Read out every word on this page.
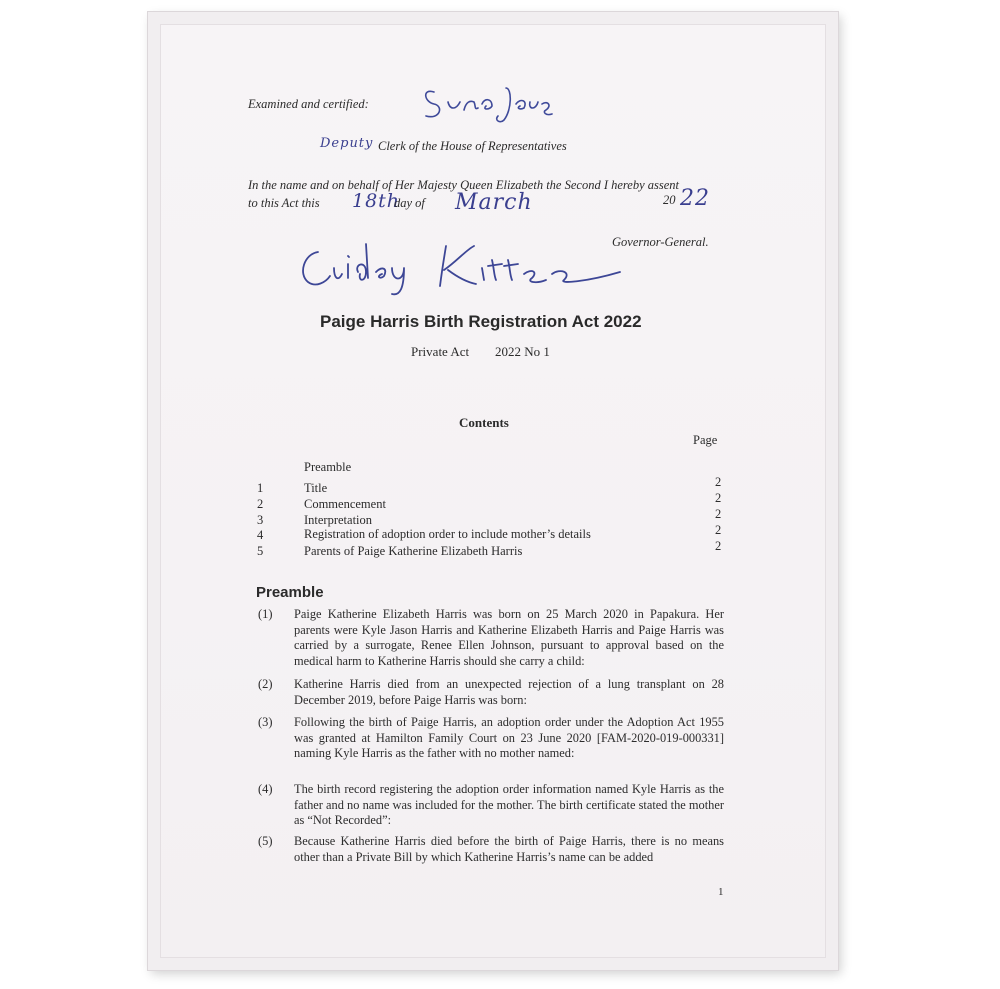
Examined and certified:
Deputy Clerk of the House of Representatives
In the name and on behalf of Her Majesty Queen Elizabeth the Second I hereby assent
to this Act this 18th
day of March	20 22
Governor-General.
Paige Harris Birth Registration Act 2022
Private Act 2022 No 1
Contents
Page
Preamble
1	Title	2
2	Commencement	2
3	Interpretation	2
4	Registration of adoption order to include mother’s details	2
5	Parents of Paige Katherine Elizabeth Harris	2
Preamble
(1) Paige Katherine Elizabeth Harris was born on 25 March 2020 in Papakura. Her parents were Kyle Jason Harris and Katherine Elizabeth Harris and Paige Harris was carried by a surrogate, Renee Ellen Johnson, pursuant to approval based on the medical harm to Katherine Harris should she carry a child:
(2) Katherine Harris died from an unexpected rejection of a lung transplant on 28 December 2019, before Paige Harris was born:
(3) Following the birth of Paige Harris, an adoption order under the Adoption Act 1955 was granted at Hamilton Family Court on 23 June 2020 [FAM-2020-019-000331] naming Kyle Harris as the father with no mother named:
(4) The birth record registering the adoption order information named Kyle Harris as the father and no name was included for the mother. The birth certificate stated the mother as “Not Recorded”:
(5) Because Katherine Harris died before the birth of Paige Harris, there is no means other than a Private Bill by which Katherine Harris’s name can be added
1
